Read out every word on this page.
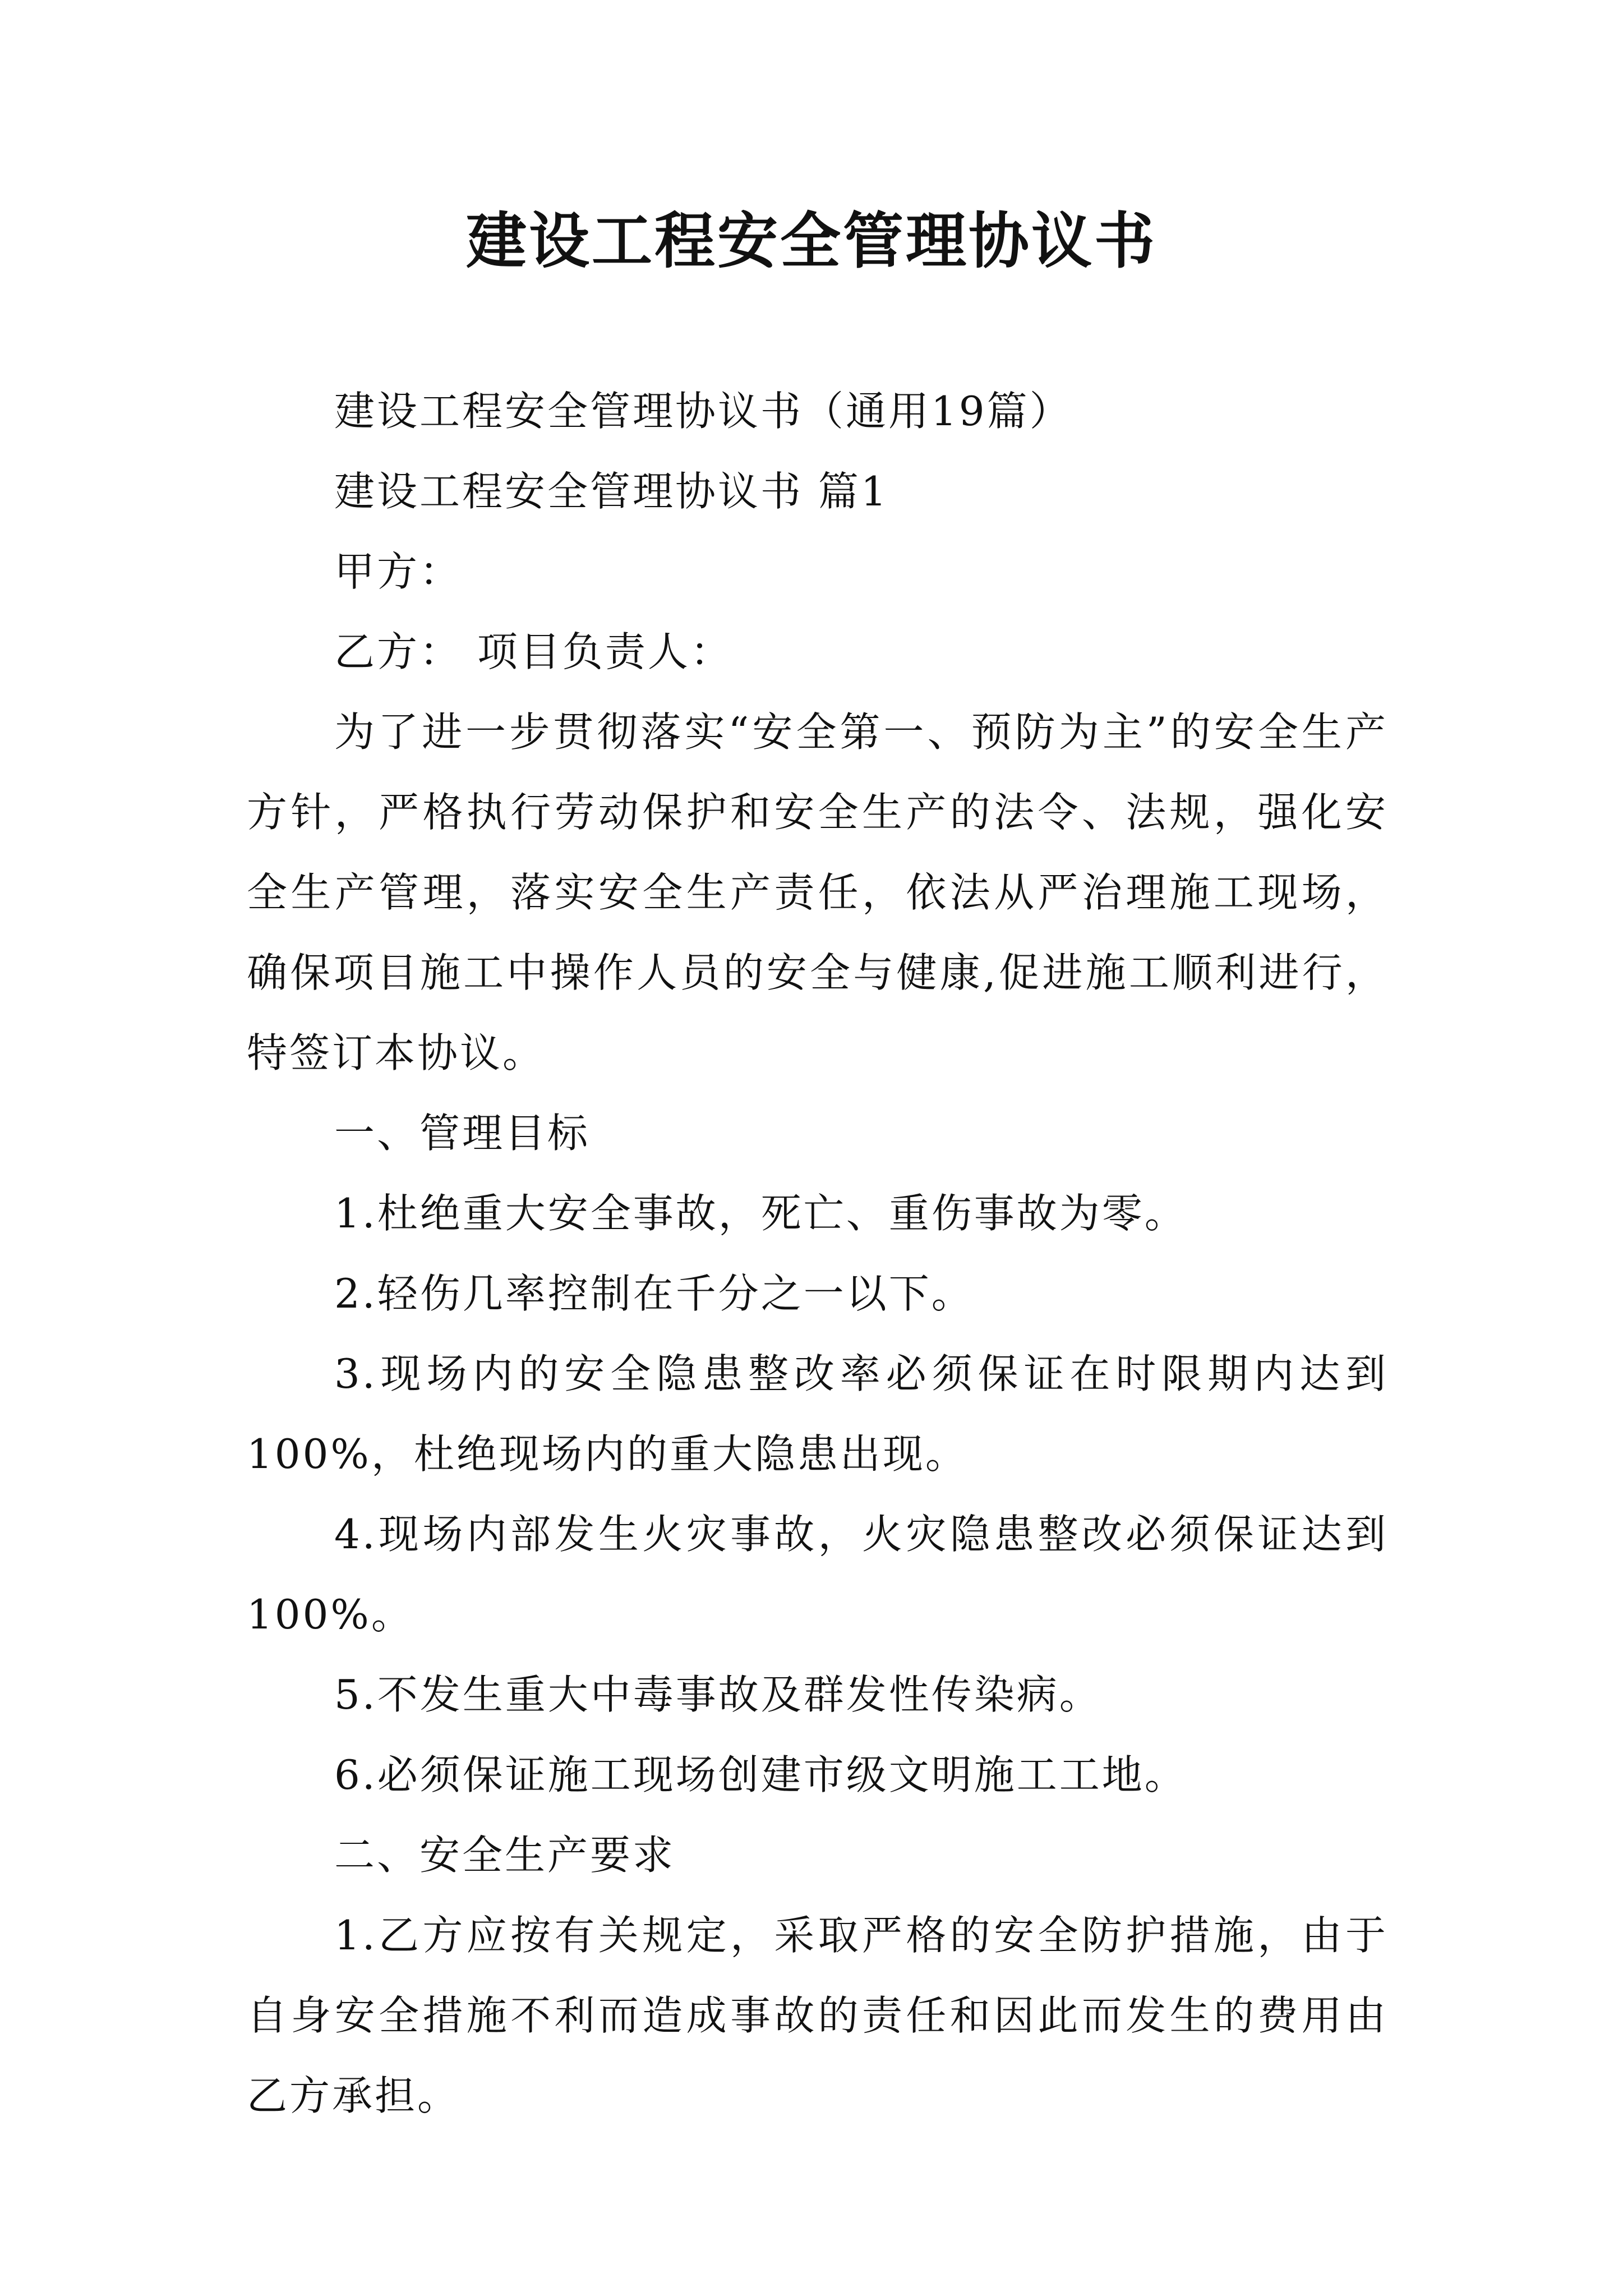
建设工程安全管理协议书

建设工程安全管理协议书（通用19篇）

建设工程安全管理协议书 篇1

甲方：

乙方： 项目负责人：

为了进一步贯彻落实“安全第一、预防为主”的安全生产方针，严格执行劳动保护和安全生产的法令、法规，强化安全生产管理，落实安全生产责任，依法从严治理施工现场，确保项目施工中操作人员的安全与健康,促进施工顺利进行，特签订本协议。

一、管理目标

1.杜绝重大安全事故，死亡、重伤事故为零。

2.轻伤几率控制在千分之一以下。

3.现场内的安全隐患整改率必须保证在时限期内达到100%，杜绝现场内的重大隐患出现。

4.现场内部发生火灾事故，火灾隐患整改必须保证达到100%。

5.不发生重大中毒事故及群发性传染病。

6.必须保证施工现场创建市级文明施工工地。

二、安全生产要求

1.乙方应按有关规定，采取严格的安全防护措施，由于自身安全措施不利而造成事故的责任和因此而发生的费用由乙方承担。
